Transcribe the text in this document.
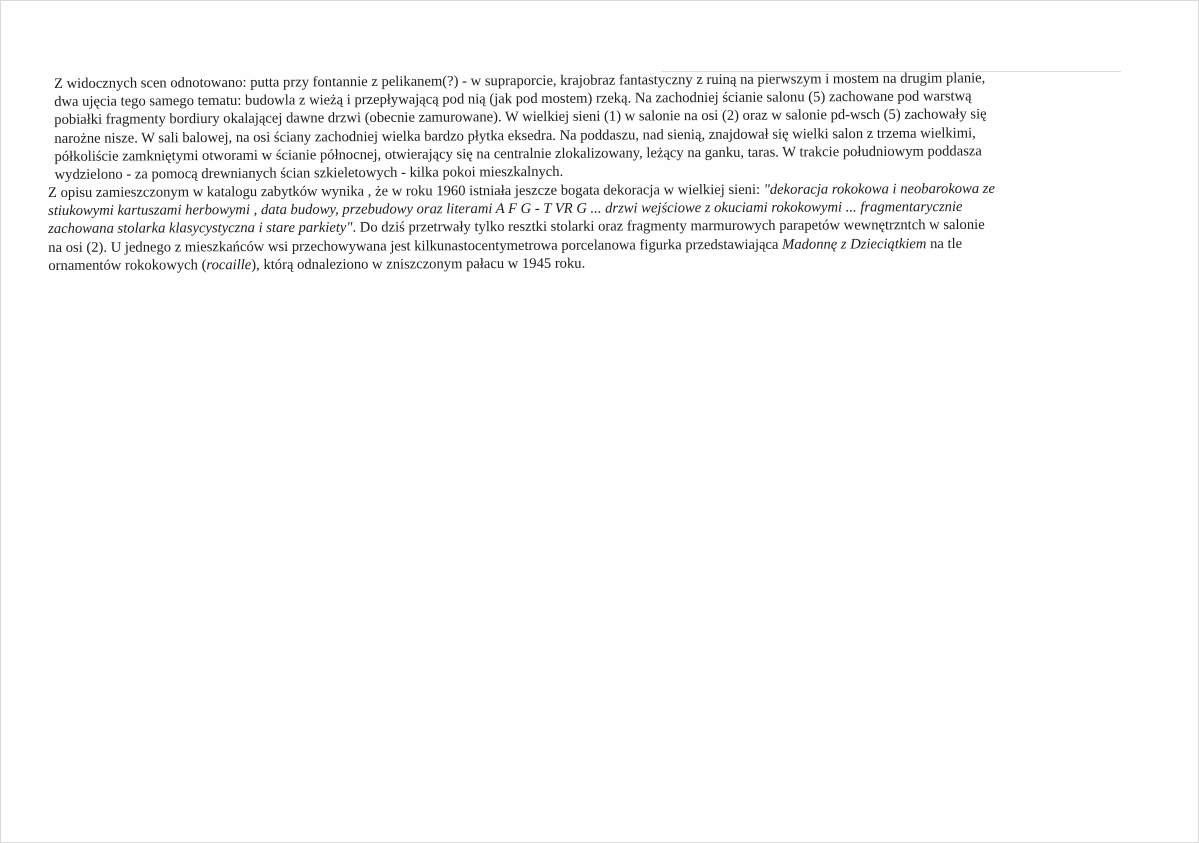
Z widocznych scen odnotowano: putta przy fontannie z pelikanem(?) - w supraporcie, krajobraz fantastyczny z ruiną na pierwszym i mostem na drugim planie,
dwa ujęcia tego samego tematu: budowla z wieżą i przepływającą pod nią (jak pod mostem) rzeką. Na zachodniej ścianie salonu (5) zachowane pod warstwą
pobiałki fragmenty bordiury okalającej dawne drzwi (obecnie zamurowane). W wielkiej sieni (1) w salonie na osi (2) oraz w salonie pd-wsch (5) zachowały się
narożne nisze. W sali balowej, na osi ściany zachodniej wielka bardzo płytka eksedra. Na poddaszu, nad sienią, znajdował się wielki salon z trzema wielkimi,
półkoliście zamkniętymi otworami w ścianie północnej, otwierający się na centralnie zlokalizowany, leżący na ganku, taras. W trakcie południowym poddasza
wydzielono - za pomocą drewnianych ścian szkieletowych - kilka pokoi mieszkalnych.
Z opisu zamieszczonym w katalogu zabytków wynika , że w roku 1960 istniała jeszcze bogata dekoracja w wielkiej sieni: "dekoracja rokokowa i neobarokowa ze
stiukowymi kartuszami herbowymi , data budowy, przebudowy oraz literami A F G - T VR G ... drzwi wejściowe z okuciami rokokowymi ... fragmentarycznie
zachowana stolarka klasycystyczna i stare parkiety". Do dziś przetrwały tylko resztki stolarki oraz fragmenty marmurowych parapetów wewnętrzntch w salonie
na osi (2). U jednego z mieszkańców wsi przechowywana jest kilkunastocentymetrowa porcelanowa figurka przedstawiająca Madonnę z Dzieciątkiem na tle
ornamentów rokokowych (rocaille), którą odnaleziono w zniszczonym pałacu w 1945 roku.
